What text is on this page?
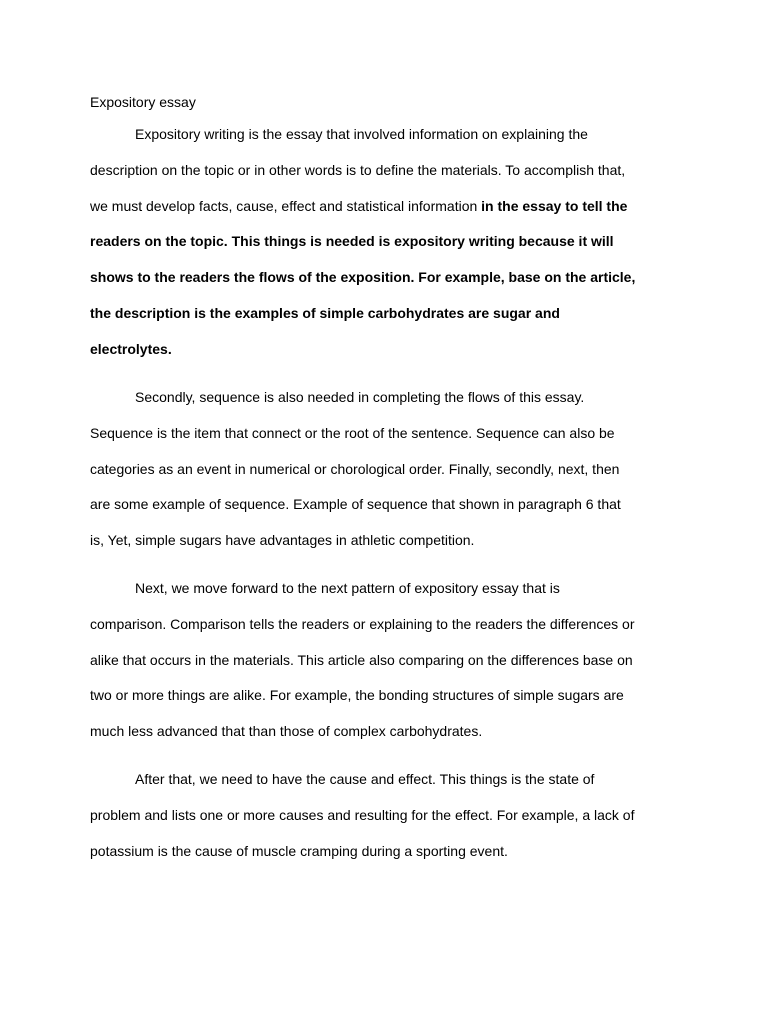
Expository essay

Expository writing is the essay that involved information on explaining the
description on the topic or in other words is to define the materials. To accomplish that,
we must develop facts, cause, effect and statistical information in the essay to tell the
readers on the topic. This things is needed is expository writing because it will
shows to the readers the flows of the exposition. For example, base on the article,
the description is the examples of simple carbohydrates are sugar and
electrolytes.

Secondly, sequence is also needed in completing the flows of this essay.
Sequence is the item that connect or the root of the sentence. Sequence can also be
categories as an event in numerical or chorological order. Finally, secondly, next, then
are some example of sequence. Example of sequence that shown in paragraph 6 that
is, Yet, simple sugars have advantages in athletic competition.

Next, we move forward to the next pattern of expository essay that is
comparison. Comparison tells the readers or explaining to the readers the differences or
alike that occurs in the materials. This article also comparing on the differences base on
two or more things are alike. For example, the bonding structures of simple sugars are
much less advanced that than those of complex carbohydrates.

After that, we need to have the cause and effect. This things is the state of
problem and lists one or more causes and resulting for the effect. For example, a lack of
potassium is the cause of muscle cramping during a sporting event.
